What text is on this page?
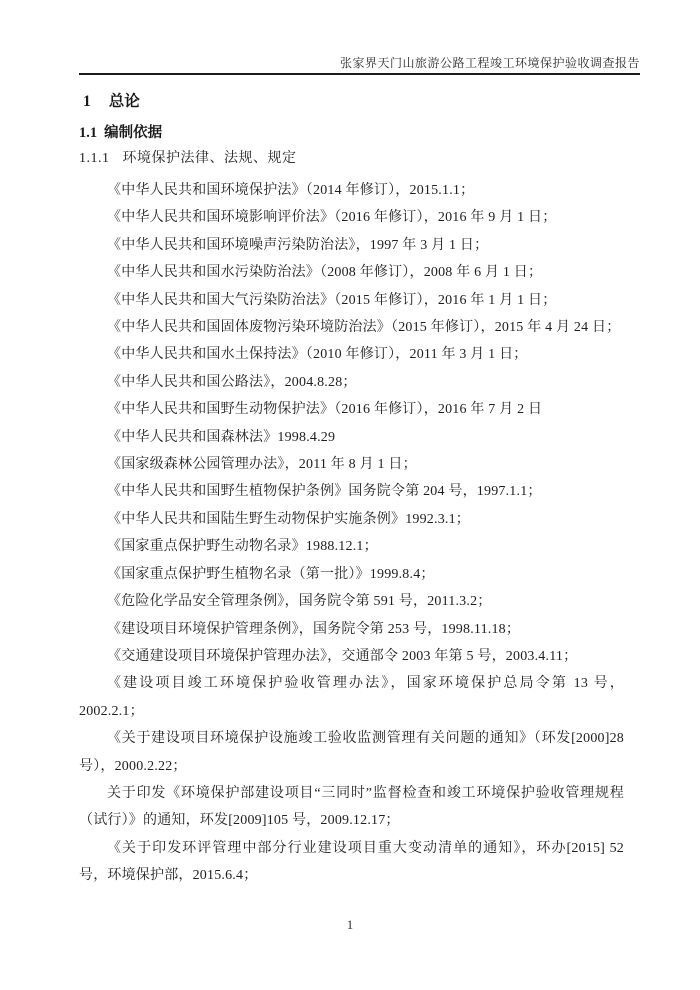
张家界天门山旅游公路工程竣工环境保护验收调查报告
1 总论
1.1 编制依据
1.1.1 环境保护法律、法规、规定

《中华人民共和国环境保护法》（2014 年修订），2015.1.1；

《中华人民共和国环境影响评价法》（2016 年修订），2016 年 9 月 1 日；

《中华人民共和国环境噪声污染防治法》，1997 年 3 月 1 日；

《中华人民共和国水污染防治法》（2008 年修订），2008 年 6 月 1 日；

《中华人民共和国大气污染防治法》（2015 年修订），2016 年 1 月 1 日；

《中华人民共和国固体废物污染环境防治法》（2015 年修订），2015 年 4 月 24 日；

《中华人民共和国水土保持法》（2010 年修订），2011 年 3 月 1 日；

《中华人民共和国公路法》，2004.8.28；

《中华人民共和国野生动物保护法》（2016 年修订），2016 年 7 月 2 日

《中华人民共和国森林法》1998.4.29

《国家级森林公园管理办法》，2011 年 8 月 1 日；

《中华人民共和国野生植物保护条例》国务院令第 204 号，1997.1.1；

《中华人民共和国陆生野生动物保护实施条例》1992.3.1；

《国家重点保护野生动物名录》1988.12.1；

《国家重点保护野生植物名录（第一批）》1999.8.4；

《危险化学品安全管理条例》，国务院令第 591 号，2011.3.2；

《建设项目环境保护管理条例》，国务院令第 253 号，1998.11.18；

《交通建设项目环境保护管理办法》，交通部令 2003 年第 5 号，2003.4.11；

《建设项目竣工环境保护验收管理办法》，国家环境保护总局令第 13 号，
2002.2.1；

《关于建设项目环境保护设施竣工验收监测管理有关问题的通知》（环发[2000]28
号），2000.2.22；

关于印发《环境保护部建设项目“三同时”监督检查和竣工环境保护验收管理规程
（试行）》的通知，环发[2009]105 号，2009.12.17；

《关于印发环评管理中部分行业建设项目重大变动清单的通知》，环办[2015] 52
号，环境保护部，2015.6.4；

1
